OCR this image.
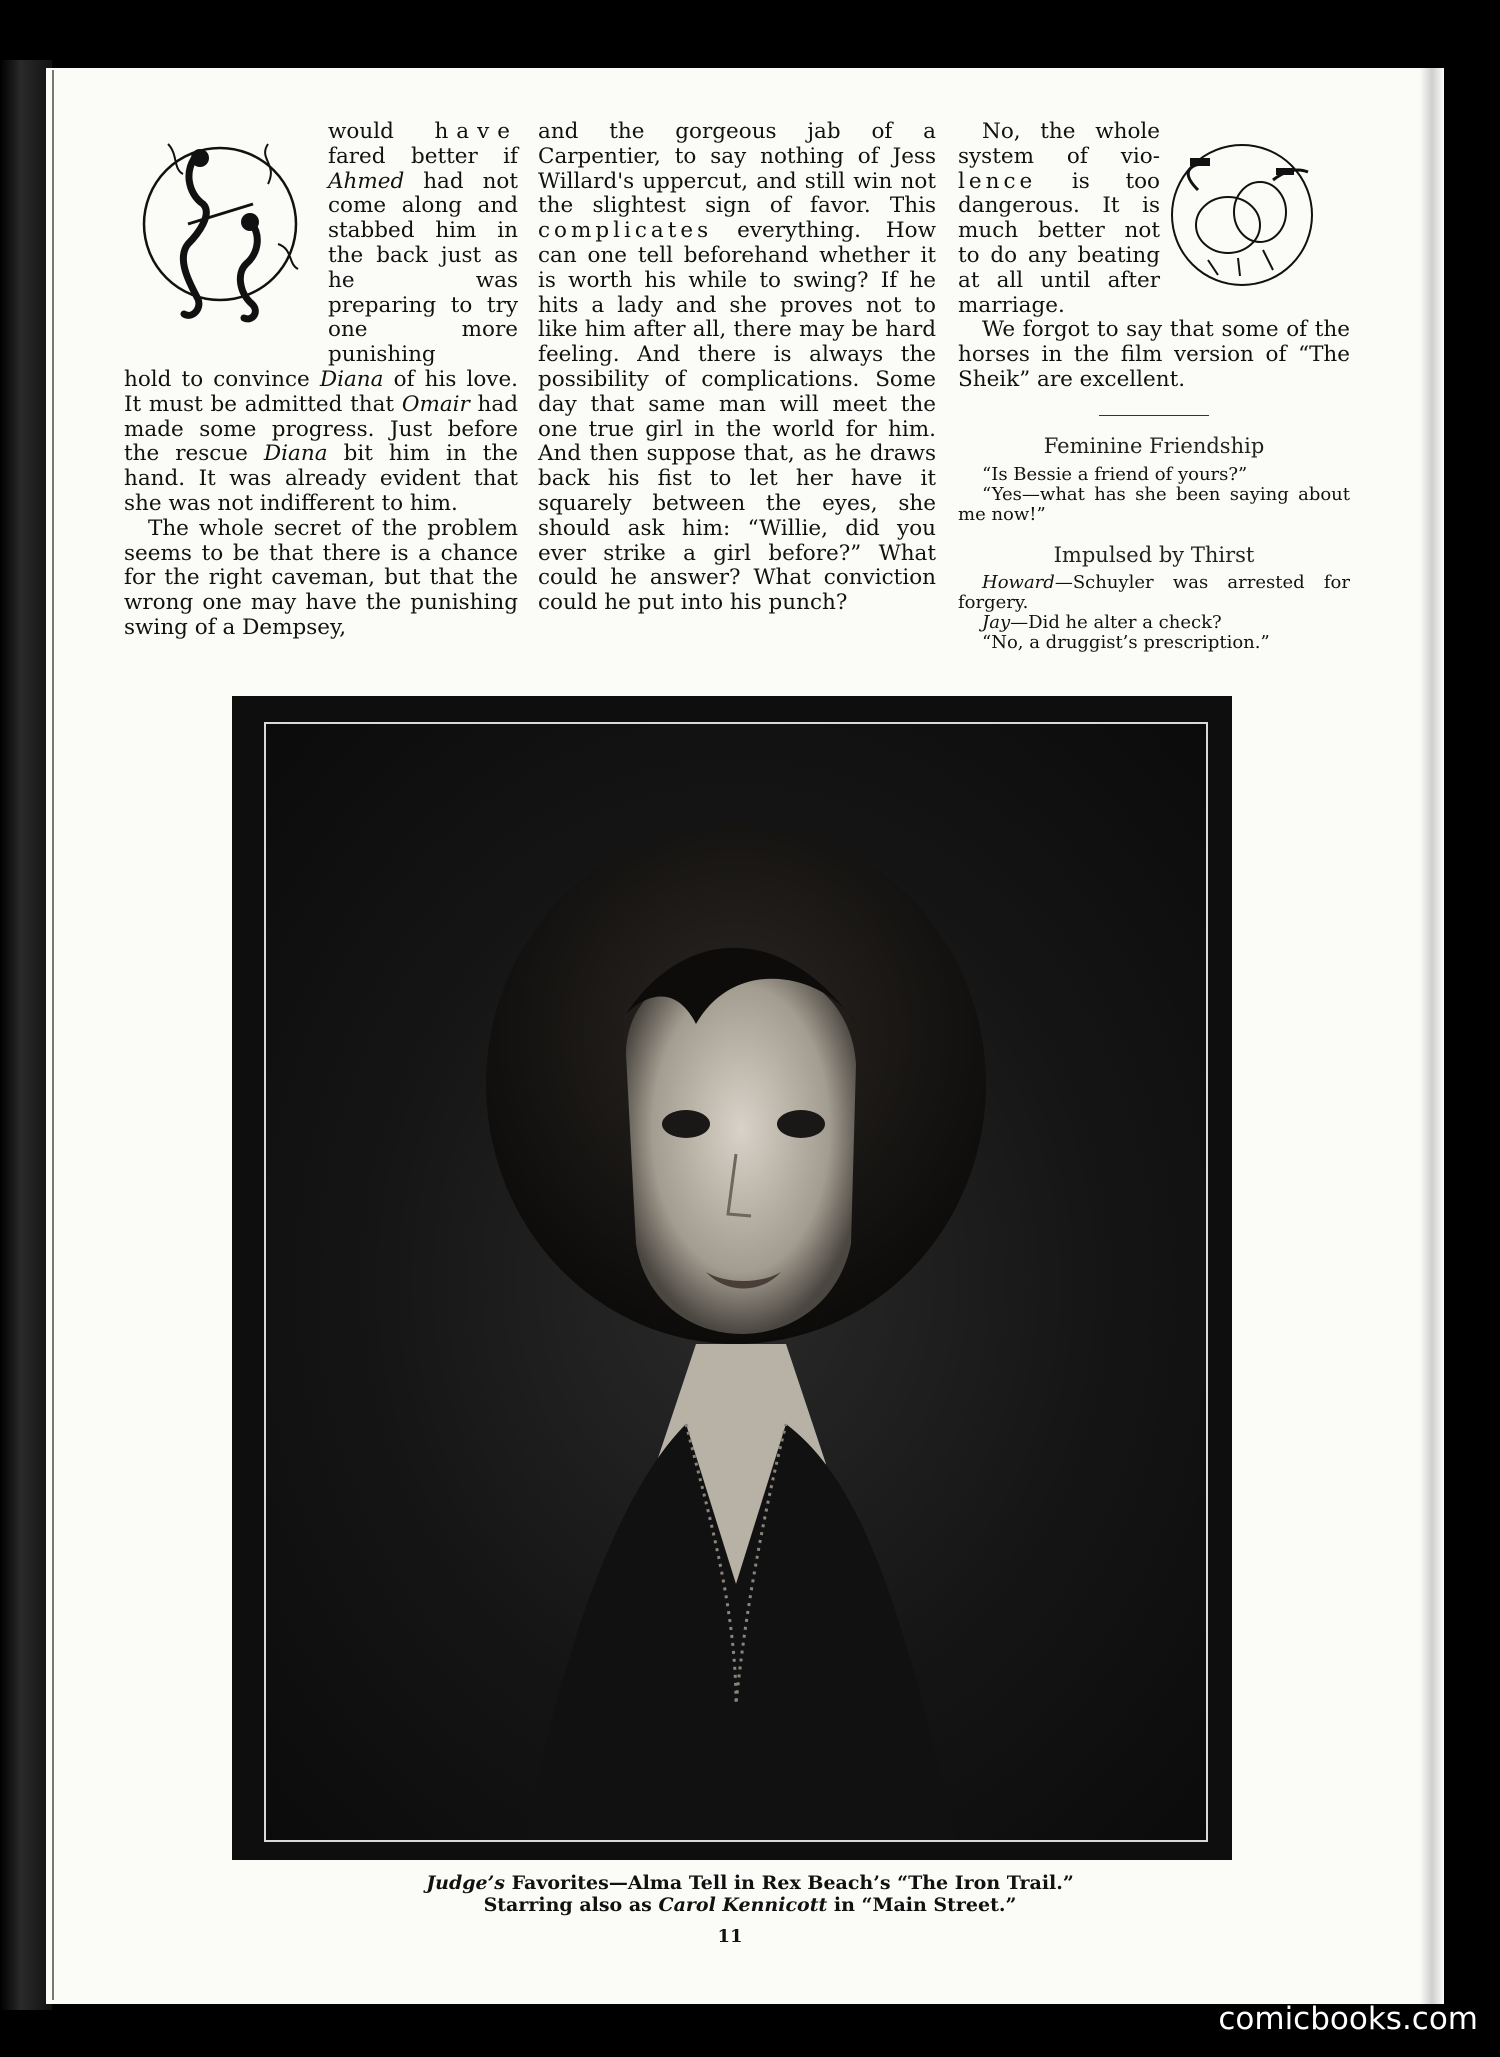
would have fared better if Ahmed had not come along and stabbed him in the back just as he was preparing to try one more punishing

hold to convince Diana of his love. It must be admitted that Omair had made some progress. Just before the rescue Diana bit him in the hand. It was already evident that she was not indifferent to him.

The whole secret of the problem seems to be that there is a chance for the right caveman, but that the wrong one may have the punishing swing of a Dempsey,

and the gorgeous jab of a Carpentier, to say nothing of Jess Willard's uppercut, and still win not the slightest sign of favor. This complicates everything. How can one tell beforehand whether it is worth his while to swing? If he hits a lady and she proves not to like him after all, there may be hard feeling. And there is always the possibility of complications. Some day that same man will meet the one true girl in the world for him. And then suppose that, as he draws back his fist to let her have it squarely between the eyes, she should ask him: “Willie, did you ever strike a girl before?” What could he answer? What conviction could he put into his punch?

No, the whole system of vio- lence is too dangerous. It is much better not to do any beating at all until after marriage.

We forgot to say that some of the horses in the film version of “The Sheik” are excellent.

Feminine Friendship

“Is Bessie a friend of yours?”

“Yes—what has she been saying about me now!”

Impulsed by Thirst

Howard—Schuyler was arrested for forgery.

Jay—Did he alter a check?

“No, a druggist’s prescription.”

Judge’s Favorites—Alma Tell in Rex Beach’s “The Iron Trail.”
Starring also as Carol Kennicott in “Main Street.”
11
comicbooks.com
